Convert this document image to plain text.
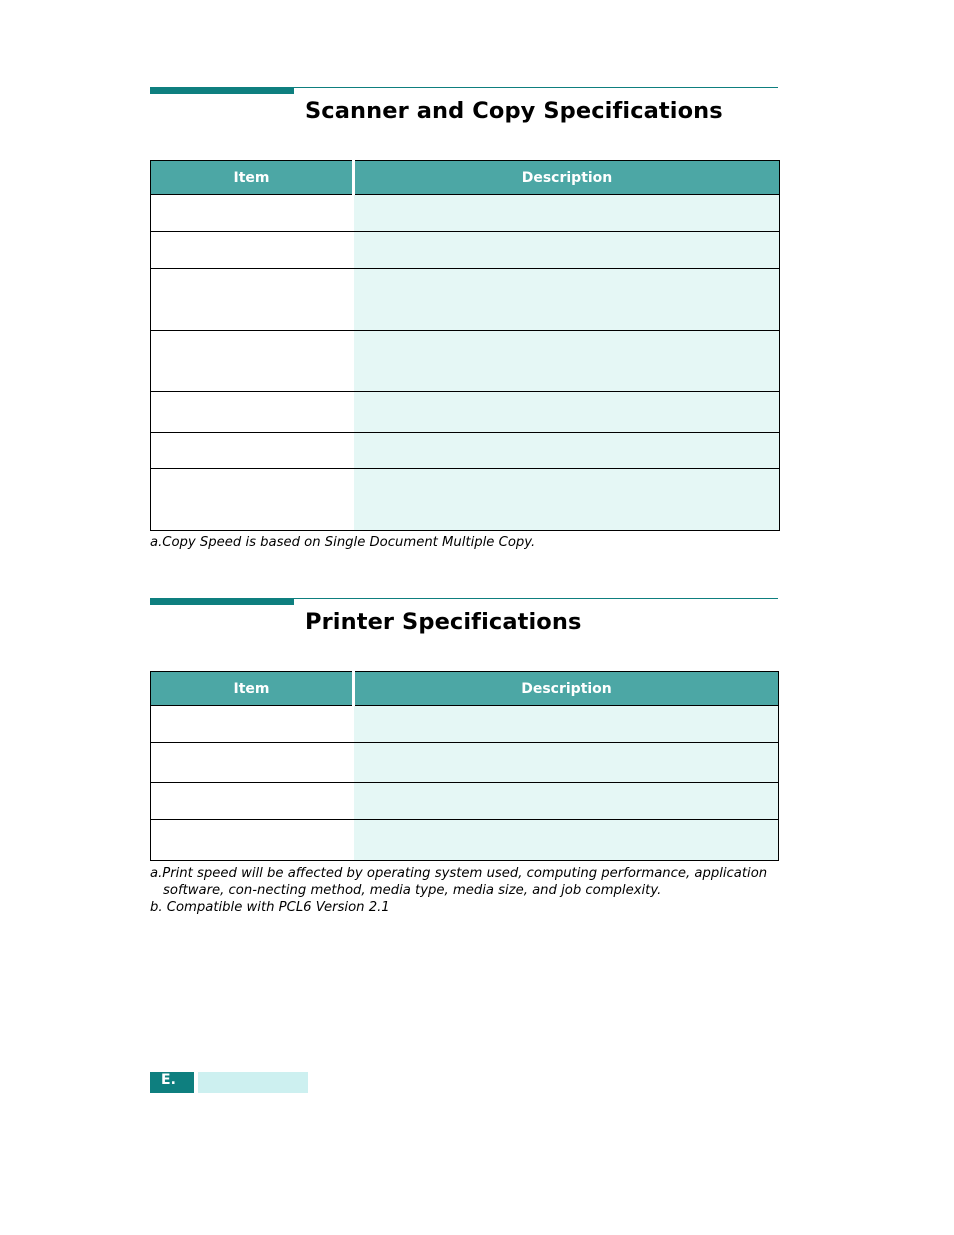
Scanner and Copy Specifications
Item	Description

a.Copy Speed is based on Single Document Multiple Copy.
Printer Specifications
Item	Description

a.Print speed will be affected by operating system used, computing performance, application
software, con-necting method, media type, media size, and job complexity.
b. Compatible with PCL6 Version 2.1
E.
